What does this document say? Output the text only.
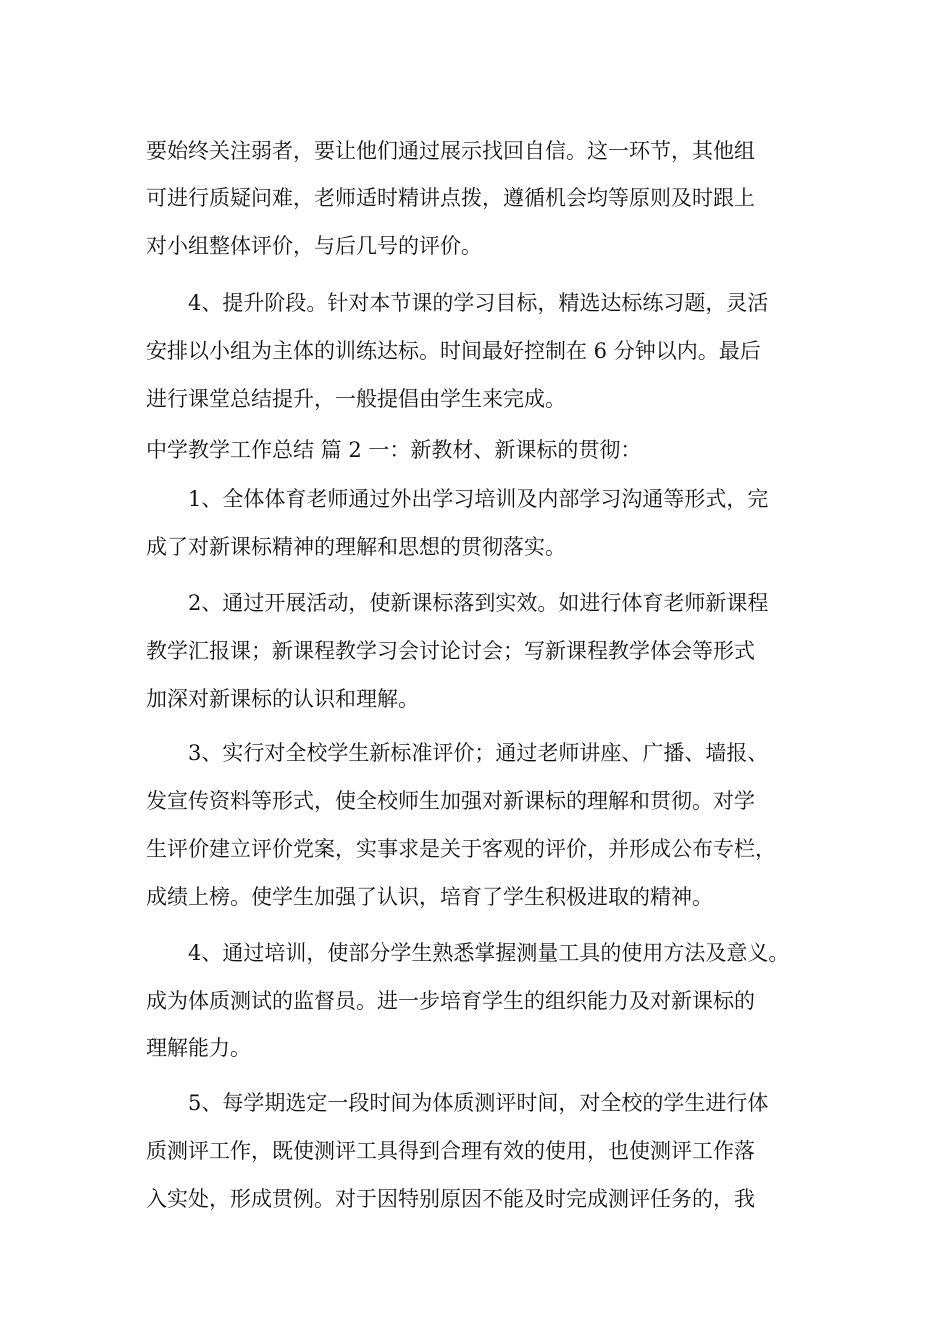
要始终关注弱者，要让他们通过展示找回自信。这一环节，其他组
可进行质疑问难，老师适时精讲点拨，遵循机会均等原则及时跟上
对小组整体评价，与后几号的评价。
4、提升阶段。针对本节课的学习目标，精选达标练习题，灵活
安排以小组为主体的训练达标。时间最好控制在 6 分钟以内。最后
进行课堂总结提升，一般提倡由学生来完成。
中学教学工作总结 篇 2 一：新教材、新课标的贯彻：
1、全体体育老师通过外出学习培训及内部学习沟通等形式，完
成了对新课标精神的理解和思想的贯彻落实。
2、通过开展活动，使新课标落到实效。如进行体育老师新课程
教学汇报课；新课程教学习会讨论讨会；写新课程教学体会等形式
加深对新课标的认识和理解。
3、实行对全校学生新标准评价；通过老师讲座、广播、墙报、
发宣传资料等形式，使全校师生加强对新课标的理解和贯彻。对学
生评价建立评价党案，实事求是关于客观的评价，并形成公布专栏，
成绩上榜。使学生加强了认识，培育了学生积极进取的精神。
4、通过培训，使部分学生熟悉掌握测量工具的使用方法及意义。
成为体质测试的监督员。进一步培育学生的组织能力及对新课标的
理解能力。
5、每学期选定一段时间为体质测评时间，对全校的学生进行体
质测评工作，既使测评工具得到合理有效的使用，也使测评工作落
入实处，形成贯例。对于因特别原因不能及时完成测评任务的，我
